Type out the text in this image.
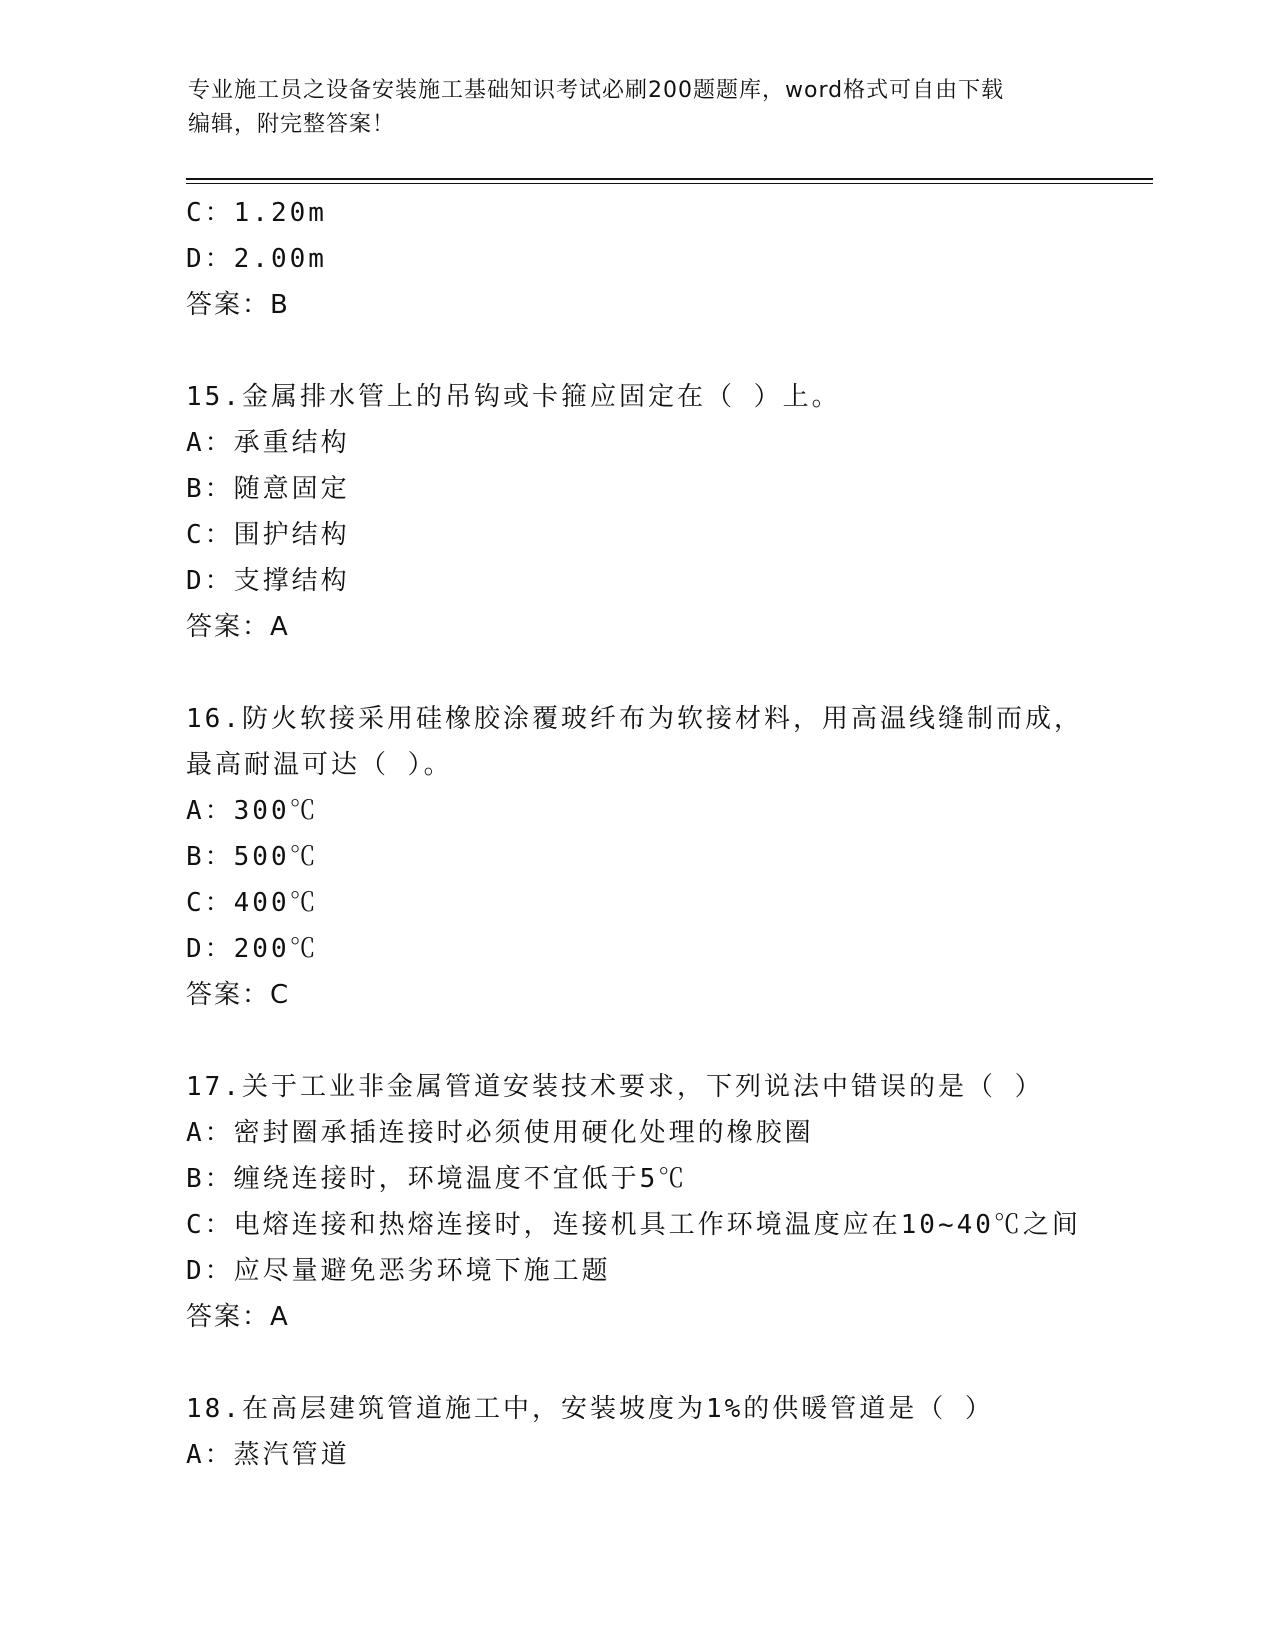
专业施工员之设备安装施工基础知识考试必刷200题题库，word格式可自由下载
编辑，附完整答案！
C：1.20m
D：2.00m
答案：B
15.金属排水管上的吊钩或卡箍应固定在（ ）上。
A：承重结构
B：随意固定
C：围护结构
D：支撑结构
答案：A
16.防火软接采用硅橡胶涂覆玻纤布为软接材料，用高温线缝制而成，
最高耐温可达（ ）。
A：300℃
B：500℃
C：400℃
D：200℃
答案：C
17.关于工业非金属管道安装技术要求，下列说法中错误的是（ ）
A：密封圈承插连接时必须使用硬化处理的橡胶圈
B：缠绕连接时，环境温度不宜低于5℃
C：电熔连接和热熔连接时，连接机具工作环境温度应在10~40℃之间
D：应尽量避免恶劣环境下施工题
答案：A
18.在高层建筑管道施工中，安装坡度为1%的供暖管道是（ ）
A：蒸汽管道
